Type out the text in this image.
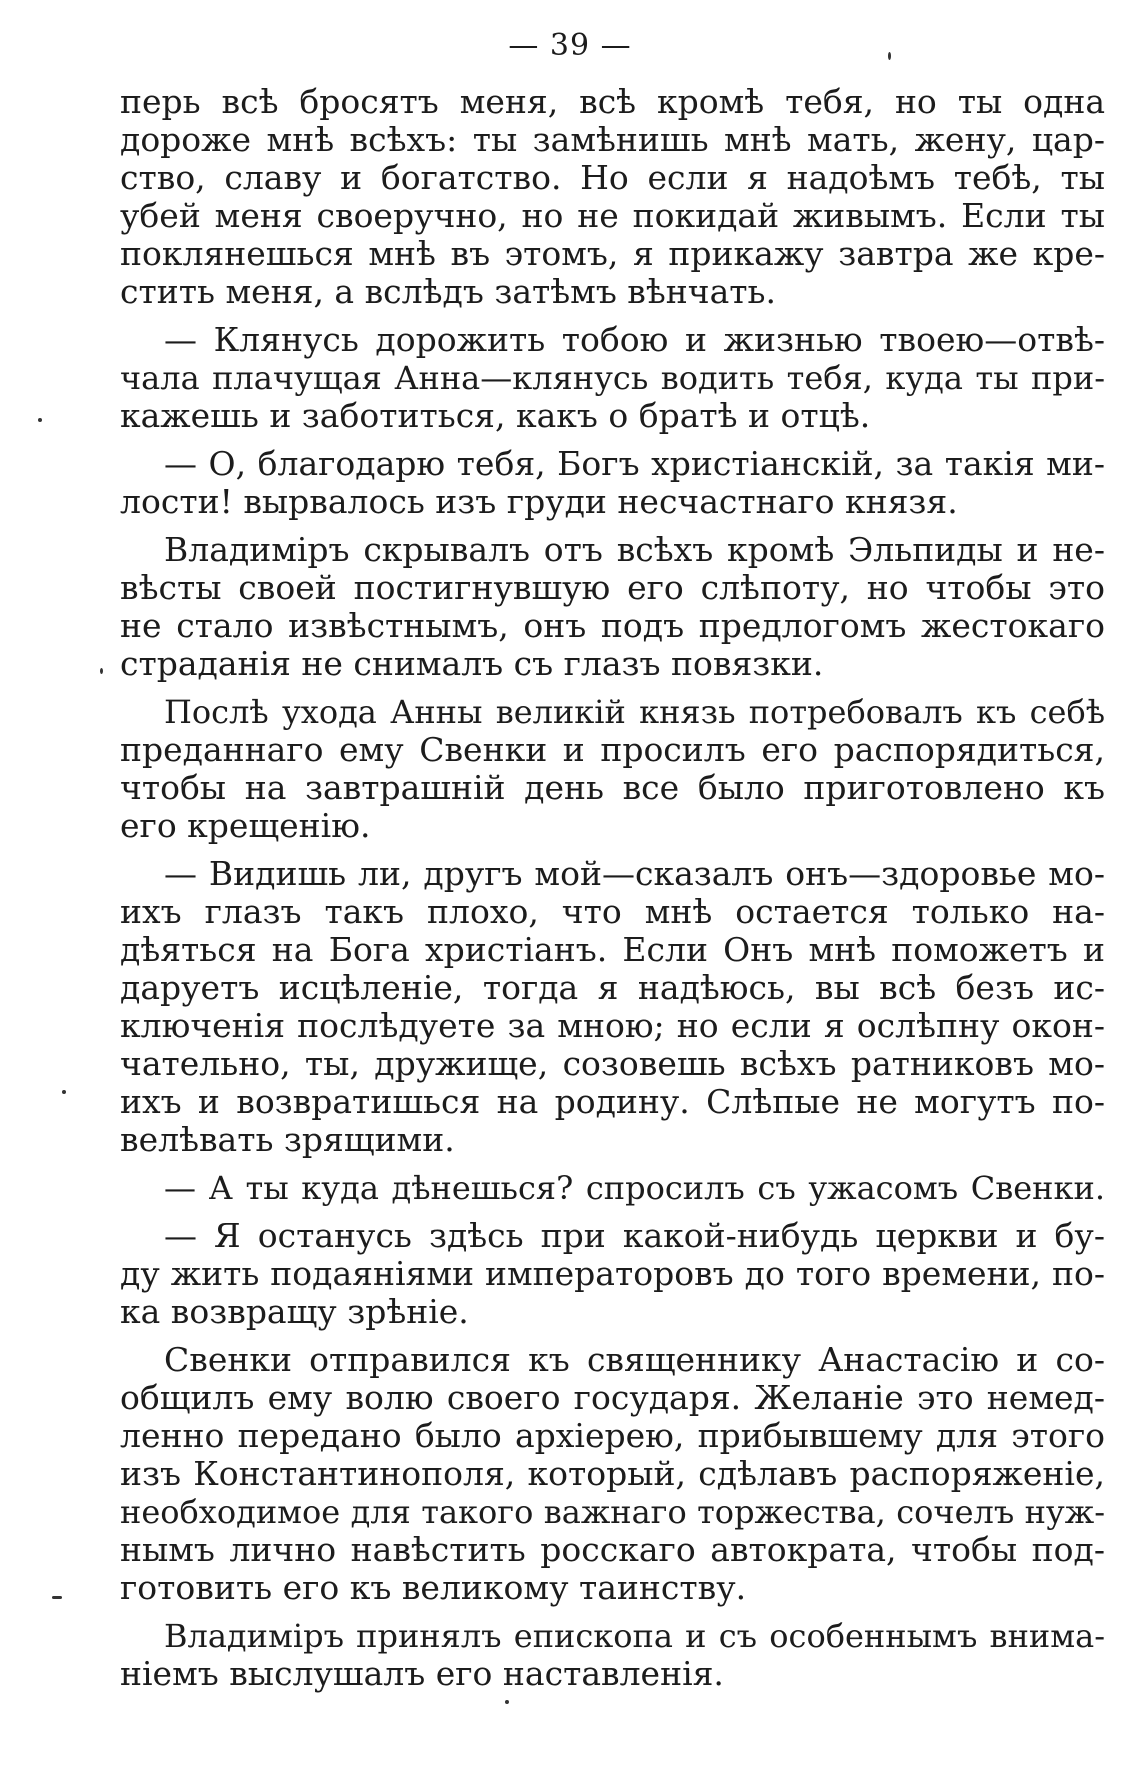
— 39 —
перь всѣ бросятъ меня, всѣ кромѣ тебя, но ты одна
дороже мнѣ всѣхъ: ты замѣнишь мнѣ мать, жену, цар-
ство, славу и богатство. Но если я надоѣмъ тебѣ, ты
убей меня своеручно, но не покидай живымъ. Если ты
поклянешься мнѣ въ этомъ, я прикажу завтра же кре-
стить меня, а вслѣдъ затѣмъ вѣнчать.
— Клянусь дорожить тобою и жизнью твоею—отвѣ-
чала плачущая Анна—клянусь водить тебя, куда ты при-
кажешь и заботиться, какъ о братѣ и отцѣ.
— О, благодарю тебя, Богъ христіанскій, за такія ми-
лости! вырвалось изъ груди несчастнаго князя.
Владиміръ скрывалъ отъ всѣхъ кромѣ Эльпиды и не-
вѣсты своей постигнувшую его слѣпоту, но чтобы это
не стало извѣстнымъ, онъ подъ предлогомъ жестокаго
страданія не снималъ съ глазъ повязки.
Послѣ ухода Анны великій князь потребовалъ къ себѣ
преданнаго ему Свенки и просилъ его распорядиться,
чтобы на завтрашній день все было приготовлено къ
его крещенію.
— Видишь ли, другъ мой—сказалъ онъ—здоровье мо-
ихъ глазъ такъ плохо, что мнѣ остается только на-
дѣяться на Бога христіанъ. Если Онъ мнѣ поможетъ и
даруетъ исцѣленіе, тогда я надѣюсь, вы всѣ безъ ис-
ключенія послѣдуете за мною; но если я ослѣпну окон-
чательно, ты, дружище, созовешь всѣхъ ратниковъ мо-
ихъ и возвратишься на родину. Слѣпые не могутъ по-
велѣвать зрящими.
— А ты куда дѣнешься? спросилъ съ ужасомъ Свенки.
— Я останусь здѣсь при какой-нибудь церкви и бу-
ду жить подаяніями императоровъ до того времени, по-
ка возвращу зрѣніе.
Свенки отправился къ священнику Анастасію и со-
общилъ ему волю своего государя. Желаніе это немед-
ленно передано было архіерею, прибывшему для этого
изъ Константинополя, который, сдѣлавъ распоряженіе,
необходимое для такого важнаго торжества, сочелъ нуж-
нымъ лично навѣстить росскаго автократа, чтобы под-
готовить его къ великому таинству.
Владиміръ принялъ епископа и съ особеннымъ внима-
ніемъ выслушалъ его наставленія.
